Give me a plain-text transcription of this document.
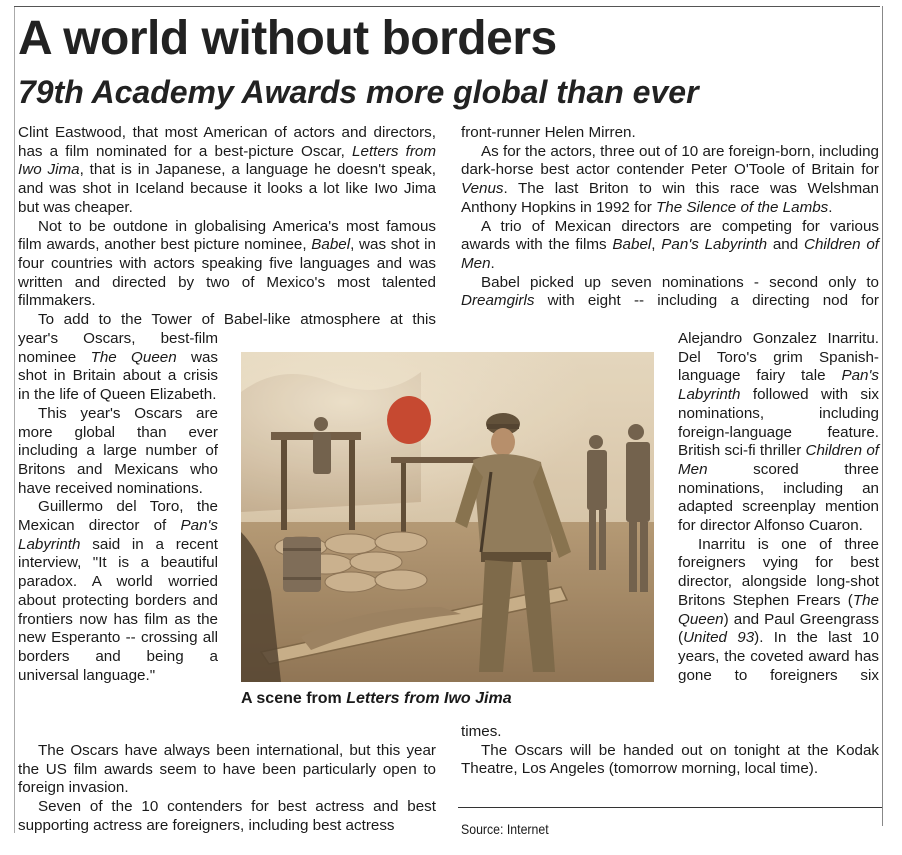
A world without borders
79th Academy Awards more global than ever

Clint Eastwood, that most American of actors and directors, has a film nominated for a best-picture Oscar, Letters from Iwo Jima, that is in Japanese, a language he doesn't speak, and was shot in Iceland because it looks a lot like Iwo Jima but was cheaper.

Not to be outdone in globalising America's most famous film awards, another best picture nominee, Babel, was shot in four countries with actors speaking five languages and was written and directed by two of Mexico's most talented filmmakers.

To add to the Tower of Babel-like atmosphere at this

year's Oscars, best-film nominee The Queen was shot in Britain about a crisis in the life of Queen Elizabeth.

This year's Oscars are more global than ever including a large number of Britons and Mexicans who have received nominations.

Guillermo del Toro, the Mexican director of Pan's Labyrinth said in a recent interview, "It is a beautiful paradox. A world worried about protecting borders and frontiers now has film as the new Esperanto -- crossing all borders and being a universal language."

The Oscars have always been international, but this year the US film awards seem to have been particularly open to foreign invasion.

Seven of the 10 contenders for best actress and best supporting actress are foreigners, including best actress

front-runner Helen Mirren.

As for the actors, three out of 10 are foreign-born, including dark-horse best actor contender Peter O'Toole of Britain for Venus. The last Briton to win this race was Welshman Anthony Hopkins in 1992 for The Silence of the Lambs.

A trio of Mexican directors are competing for various awards with the films Babel, Pan's Labyrinth and Children of Men.

Babel picked up seven nominations - second only to Dreamgirls with eight -- including a directing nod for

Alejandro Gonzalez Inarritu. Del Toro's grim Spanish-language fairy tale Pan's Labyrinth followed with six nominations, including foreign-language feature. British sci-fi thriller Children of Men scored three nominations, including an adapted screenplay mention for director Alfonso Cuaron.

Inarritu is one of three foreigners vying for best director, alongside long-shot Britons Stephen Frears (The Queen) and Paul Greengrass (United 93). In the last 10 years, the coveted award has gone to foreigners six

times.

The Oscars will be handed out on tonight at the Kodak Theatre, Los Angeles (tomorrow morning, local time).

A scene from Letters from Iwo Jima
Source: Internet
